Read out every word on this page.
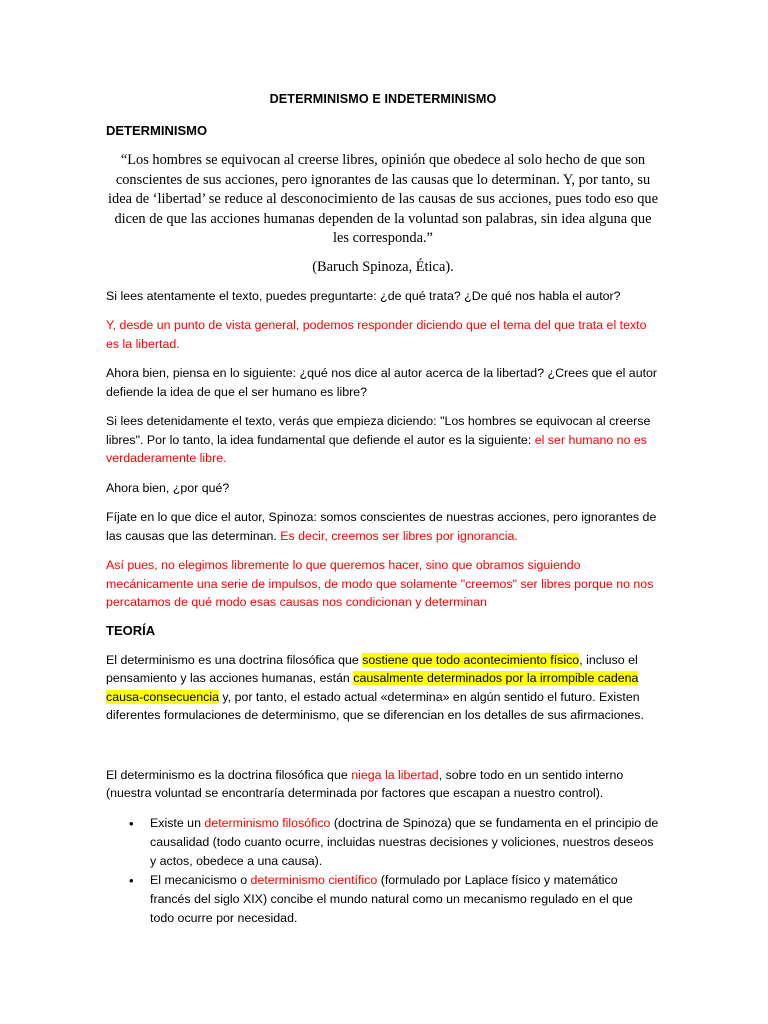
DETERMINISMO E INDETERMINISMO
DETERMINISMO
“Los hombres se equivocan al creerse libres, opinión que obedece al solo hecho de que son conscientes de sus acciones, pero ignorantes de las causas que lo determinan. Y, por tanto, su idea de ‘libertad’ se reduce al desconocimiento de las causas de sus acciones, pues todo eso que dicen de que las acciones humanas dependen de la voluntad son palabras, sin idea alguna que les corresponda.”
(Baruch Spinoza, Ética).

Si lees atentamente el texto, puedes preguntarte: ¿de qué trata? ¿De qué nos habla el autor?

Y, desde un punto de vista general, podemos responder diciendo que el tema del que trata el texto es la libertad.

Ahora bien, piensa en lo siguiente: ¿qué nos dice al autor acerca de la libertad? ¿Crees que el autor defiende la idea de que el ser humano es libre?

Si lees detenidamente el texto, verás que empieza diciendo: "Los hombres se equivocan al creerse libres". Por lo tanto, la idea fundamental que defiende el autor es la siguiente: el ser humano no es verdaderamente libre.

Ahora bien, ¿por qué?

Fíjate en lo que dice el autor, Spinoza: somos conscientes de nuestras acciones, pero ignorantes de las causas que las determinan. Es decir, creemos ser libres por ignorancia.

Así pues, no elegimos libremente lo que queremos hacer, sino que obramos siguiendo mecánicamente una serie de impulsos, de modo que solamente "creemos" ser libres porque no nos percatamos de qué modo esas causas nos condicionan y determinan

TEORÍA

El determinismo es una doctrina filosófica que sostiene que todo acontecimiento físico, incluso el pensamiento y las acciones humanas, están causalmente determinados por la irrompible cadena causa-consecuencia y, por tanto, el estado actual «determina» en algún sentido el futuro. Existen diferentes formulaciones de determinismo, que se diferencian en los detalles de sus afirmaciones.

El determinismo es la doctrina filosófica que niega la libertad, sobre todo en un sentido interno (nuestra voluntad se encontraría determinada por factores que escapan a nuestro control).

• Existe un determinismo filosófico (doctrina de Spinoza) que se fundamenta en el principio de causalidad (todo cuanto ocurre, incluidas nuestras decisiones y voliciones, nuestros deseos y actos, obedece a una causa).
• El mecanicismo o determinismo científico (formulado por Laplace físico y matemático francés del siglo XIX) concibe el mundo natural como un mecanismo regulado en el que todo ocurre por necesidad.
